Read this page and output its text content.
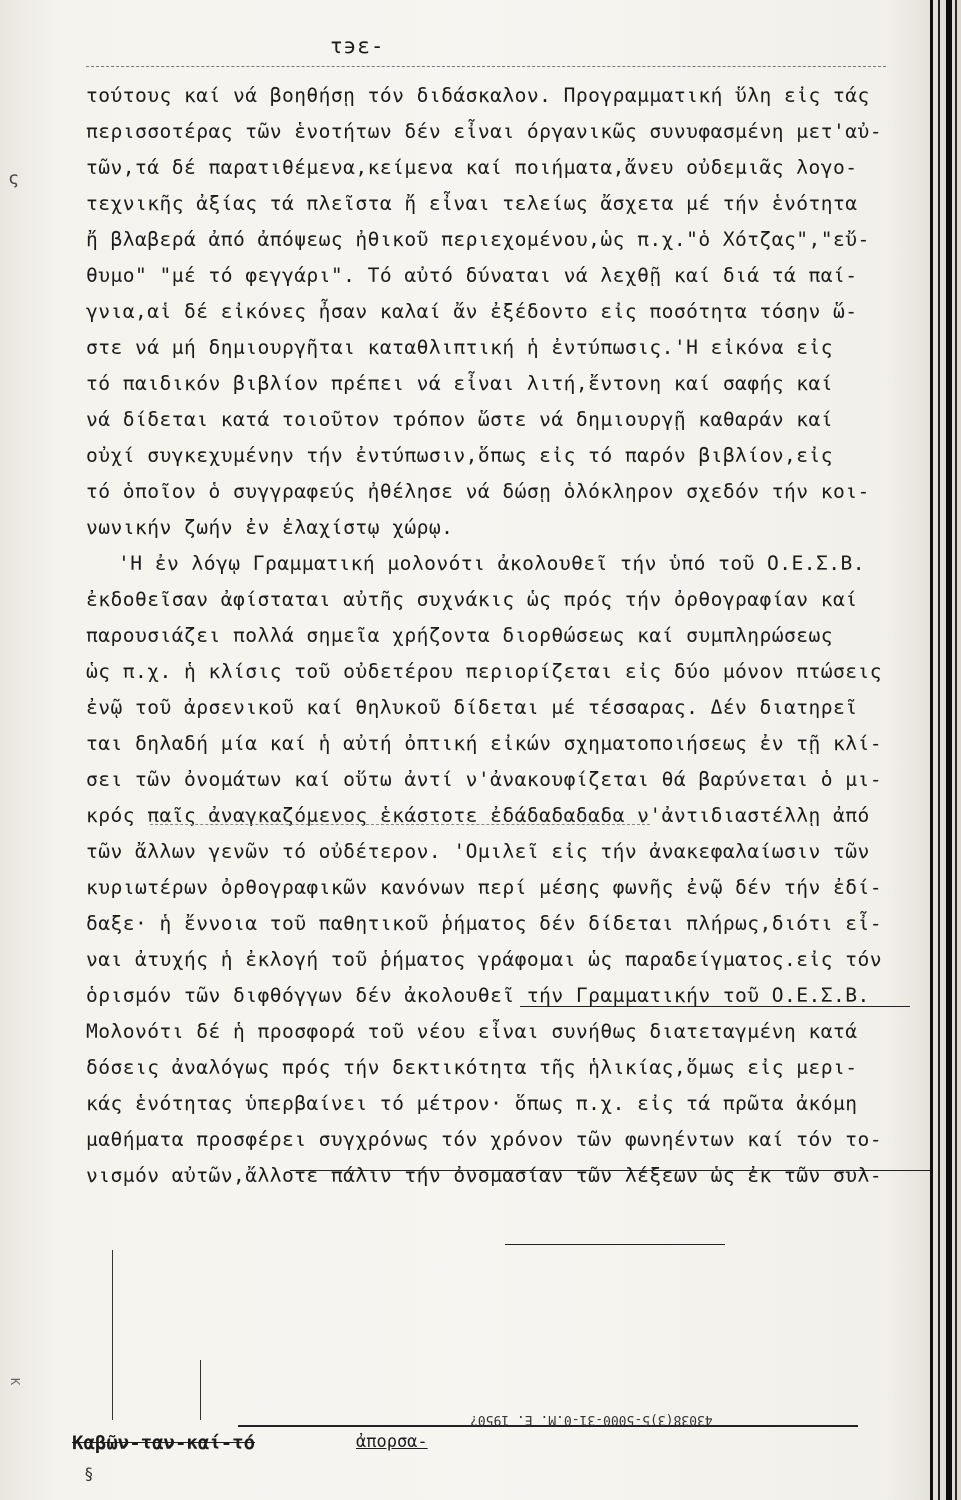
ς
Κ
τ϶ε-
τούτους καί νά βοηθήσῃ τόν διδάσκαλον. Προγραμματική ὕλη εἰς τάς
περισσοτέρας τῶν ἑνοτήτων δέν εἶναι όργανικῶς συνυφασμένη μετ'αὐ-
τῶν,τά δέ παρατιθέμενα,κείμενα καί ποιήματα,ἄνευ οὐδεμιᾶς λογο-
τεχνικῆς ἀξίας τά πλεῖστα ἤ εἶναι τελείως ἄσχετα μέ τήν ἑνότητα
ἤ βλαβερά ἀπό ἀπόψεως ἠθικοῦ περιεχομένου,ὡς π.χ."ὁ Χότζας","εὔ-
θυμο" "μέ τό φεγγάρι". Τό αὐτό δύναται νά λεχθῇ καί διά τά παί-
γνια,αἱ δέ εἰκόνες ἦσαν καλαί ἄν ἐξέδοντο εἰς ποσότητα τόσην ὥ-
στε νά μή δημιουργῆται καταθλιπτική ἡ ἐντύπωσις.'Η εἰκόνα εἰς
τό παιδικόν βιβλίον πρέπει νά εἶναι λιτή,ἔντονη καί σαφής καί
νά δίδεται κατά τοιοῦτον τρόπον ὥστε νά δημιουργῇ καθαράν καί
οὐχί συγκεχυμένην τήν ἐντύπωσιν,ὅπως εἰς τό παρόν βιβλίον,εἰς
τό ὁποῖον ὁ συγγραφεύς ἠθέλησε νά δώσῃ ὁλόκληρον σχεδόν τήν κοι-
νωνικήν ζωήν ἐν ἐλαχίστῳ χώρῳ.
'Η ἐν λόγῳ Γραμματική μολονότι ἀκολουθεῖ τήν ὑπό τοῦ Ο.Ε.Σ.Β.
ἐκδοθεῖσαν ἀφίσταται αὐτῆς συχνάκις ὡς πρός τήν ὀρθογραφίαν καί
παρουσιάζει πολλά σημεῖα χρήζοντα διορθώσεως καί συμπληρώσεως
ὡς π.χ. ἡ κλίσις τοῦ οὐδετέρου περιορίζεται εἰς δύο μόνον πτώσεις
ἐνῷ τοῦ ἀρσενικοῦ καί θηλυκοῦ δίδεται μέ τέσσαρας. Δέν διατηρεῖ
ται δηλαδή μία καί ἡ αὐτή ὀπτική εἰκών σχηματοποιήσεως ἐν τῇ κλί-
σει τῶν ὀνομάτων καί οὕτω ἀντί ν'ἀνακουφίζεται θά βαρύνεται ὁ μι-
κρός παῖς ἀναγκαζόμενος ἑκάστοτε ἐδάδαδαδαδα ν'ἀντιδιαστέλλῃ ἀπό
τῶν ἄλλων γενῶν τό οὐδέτερον. 'Ομιλεῖ εἰς τήν ἀνακεφαλαίωσιν τῶν
κυριωτέρων ὀρθογραφικῶν κανόνων περί μέσης φωνῆς ἐνῷ δέν τήν ἐδί-
δαξε· ἡ ἔννοια τοῦ παθητικοῦ ῥήματος δέν δίδεται πλήρως,διότι εἶ-
ναι ἀτυχής ἡ ἐκλογή τοῦ ῥήματος γράφομαι ὡς παραδείγματος.εἰς τόν
ὁρισμόν τῶν διφθόγγων δέν ἀκολουθεῖ τήν Γραμματικήν τοῦ Ο.Ε.Σ.Β.
Μολονότι δέ ἡ προσφορά τοῦ νέου εἶναι συνήθως διατεταγμένη κατά
δόσεις ἀναλόγως πρός τήν δεκτικότητα τῆς ἡλικίας,ὅμως εἰς μερι-
κάς ἑνότητας ὑπερβαίνει τό μέτρον· ὅπως π.χ. εἰς τά πρῶτα ἀκόμη
μαθήματα προσφέρει συγχρόνως τόν χρόνον τῶν φωνηέντων καί τόν το-
νισμόν αὐτῶν,ἄλλοτε πάλιν τήν ὀνομασίαν τῶν λέξεων ὡς ἐκ τῶν συλ-
Καβῶν-ταν-καί-τό	ἀπορσα-
43038(3)5-5000-31-0.M. Ε. 1950?
§
